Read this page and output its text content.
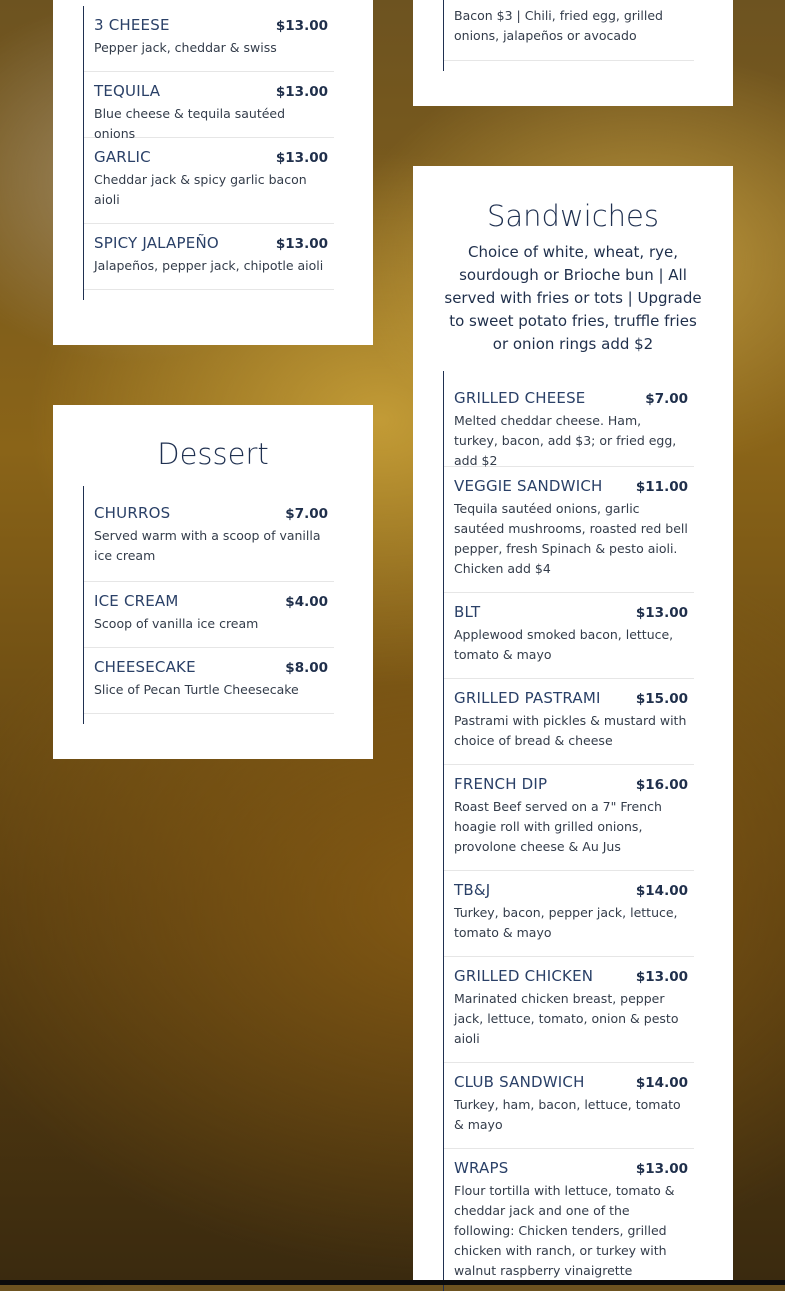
3 CHEESE	$13.00
Pepper jack, cheddar & swiss
TEQUILA	$13.00
Blue cheese & tequila sautéed onions
GARLIC	$13.00
Cheddar jack & spicy garlic bacon aioli
SPICY JALAPEÑO	$13.00
Jalapeños, pepper jack, chipotle aioli
Bacon $3 | Chili, fried egg, grilled onions, jalapeños or avocado
Dessert
CHURROS	$7.00
Served warm with a scoop of vanilla ice cream
ICE CREAM	$4.00
Scoop of vanilla ice cream
CHEESECAKE	$8.00
Slice of Pecan Turtle Cheesecake
Sandwiches

Choice of white, wheat, rye, sourdough or Brioche bun | All served with fries or tots | Upgrade to sweet potato fries, truffle fries or onion rings add $2

GRILLED CHEESE	$7.00
Melted cheddar cheese. Ham, turkey, bacon, add $3; or fried egg, add $2
VEGGIE SANDWICH $11.00
Tequila sautéed onions, garlic sautéed mushrooms, roasted red bell pepper, fresh Spinach & pesto aioli. Chicken add $4
BLT	$13.00
Applewood smoked bacon, lettuce, tomato & mayo
GRILLED PASTRAMI	$15.00
Pastrami with pickles & mustard with choice of bread & cheese
FRENCH DIP	$16.00
Roast Beef served on a 7" French hoagie roll with grilled onions, provolone cheese & Au Jus
TB&J	$14.00
Turkey, bacon, pepper jack, lettuce, tomato & mayo
GRILLED CHICKEN	$13.00
Marinated chicken breast, pepper jack, lettuce, tomato, onion & pesto aioli
CLUB SANDWICH	$14.00
Turkey, ham, bacon, lettuce, tomato & mayo
WRAPS	$13.00
Flour tortilla with lettuce, tomato & cheddar jack and one of the following: Chicken tenders, grilled chicken with ranch, or turkey with walnut raspberry vinaigrette
